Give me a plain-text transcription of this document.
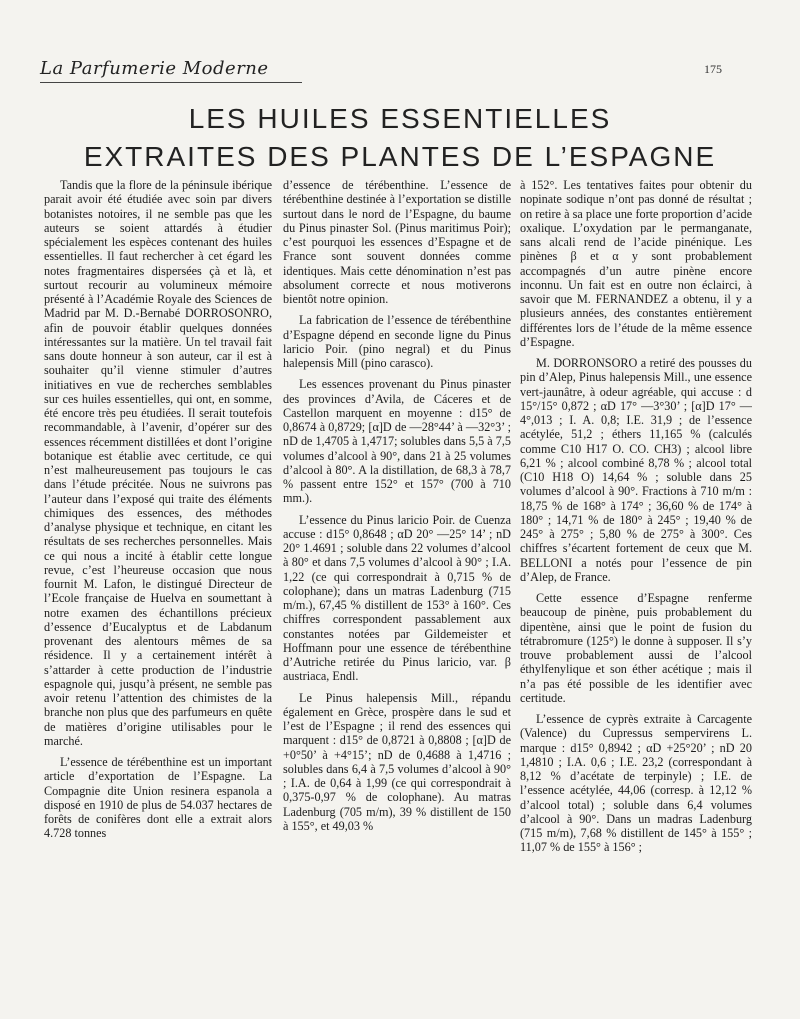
La Parfumerie Moderne	175
LES HUILES ESSENTIELLES
EXTRAITES DES PLANTES DE L’ESPAGNE

Tandis que la flore de la péninsule ibérique parait avoir été étudiée avec soin par divers botanistes notoires, il ne semble pas que les auteurs se soient attardés à étudier spécialement les espèces contenant des huiles essentielles. Il faut rechercher à cet égard les notes fragmentaires dispersées çà et là, et surtout recourir au volumineux mémoire présenté à l’Académie Royale des Sciences de Madrid par M. D.-Bernabé DORROSONRO, afin de pouvoir établir quelques données intéressantes sur la matière. Un tel travail fait sans doute honneur à son auteur, car il est à souhaiter qu’il vienne stimuler d’autres initiatives en vue de recherches semblables sur ces huiles essentielles, qui ont, en somme, été encore très peu étudiées. Il serait toutefois recommandable, à l’avenir, d’opérer sur des essences récemment distillées et dont l’origine botanique est établie avec certitude, ce qui n’est malheureusement pas toujours le cas dans l’étude précitée. Nous ne suivrons pas l’auteur dans l’exposé qui traite des éléments chimiques des essences, des méthodes d’analyse physique et technique, en citant les résultats de ses recherches personnelles. Mais ce qui nous a incité à établir cette longue revue, c’est l’heureuse occasion que nous fournit M. Lafon, le distingué Directeur de l’Ecole française de Huelva en soumettant à notre examen des échantillons précieux d’essence d’Eucalyptus et de Labdanum provenant des alentours mêmes de sa résidence. Il y a certainement intérêt à s’attarder à cette production de l’industrie espagnole qui, jusqu’à présent, ne semble pas avoir retenu l’attention des chimistes de la branche non plus que des parfumeurs en quête de matières d’origine utilisables pour le marché.

L’essence de térébenthine est un important article d’exportation de l’Espagne. La Compagnie dite Union resinera espanola a disposé en 1910 de plus de 54.037 hectares de forêts de conifères dont elle a extrait alors 4.728 tonnes

d’essence de térébenthine. L’essence de térébenthine destinée à l’exportation se distille surtout dans le nord de l’Espagne, du baume du Pinus pinaster Sol. (Pinus maritimus Poir); c’est pourquoi les essences d’Espagne et de France sont souvent données comme identiques. Mais cette dénomination n’est pas absolument correcte et nous motiverons bientôt notre opinion.

La fabrication de l’essence de térébenthine d’Espagne dépend en seconde ligne du Pinus laricio Poir. (pino negral) et du Pinus halepensis Mill (pino carasco).

Les essences provenant du Pinus pinaster des provinces d’Avila, de Cáceres et de Castellon marquent en moyenne : d15° de 0,8674 à 0,8729; [α]D de —28°44’ à —32°3’ ; nD de 1,4705 à 1,4717; solubles dans 5,5 à 7,5 volumes d’alcool à 90°, dans 21 à 25 volumes d’alcool à 80°. A la distillation, de 68,3 à 78,7 % passent entre 152° et 157° (700 à 710 mm.).

L’essence du Pinus laricio Poir. de Cuenza accuse : d15° 0,8648 ; αD 20° —25° 14’ ; nD 20° 1.4691 ; soluble dans 22 volumes d’alcool à 80° et dans 7,5 volumes d’alcool à 90° ; I.A. 1,22 (ce qui correspondrait à 0,715 % de colophane); dans un matras Ladenburg (715 m/m.), 67,45 % distillent de 153° à 160°. Ces chiffres correspondent passablement aux constantes notées par Gildemeister et Hoffmann pour une essence de térébenthine d’Autriche retirée du Pinus laricio, var. β austriaca, Endl.

Le Pinus halepensis Mill., répandu également en Grèce, prospère dans le sud et l’est de l’Espagne ; il rend des essences qui marquent : d15° de 0,8721 à 0,8808 ; [α]D de +0°50’ à +4°15’; nD de 0,4688 à 1,4716 ; solubles dans 6,4 à 7,5 volumes d’alcool à 90° ; I.A. de 0,64 à 1,99 (ce qui correspondrait à 0,375-0,97 % de colophane). Au matras Ladenburg (705 m/m), 39 % distillent de 150 à 155°, et 49,03 %

à 152°. Les tentatives faites pour obtenir du nopinate sodique n’ont pas donné de résultat ; on retire à sa place une forte proportion d’acide oxalique. L’oxydation par le permanganate, sans alcali rend de l’acide pinénique. Les pinènes β et α y sont probablement accompagnés d’un autre pinène encore inconnu. Un fait est en outre non éclairci, à savoir que M. FERNANDEZ a obtenu, il y a plusieurs années, des constantes entièrement différentes lors de l’étude de la même essence d’Espagne.

M. DORRONSORO a retiré des pousses du pin d’Alep, Pinus halepensis Mill., une essence vert-jaunâtre, à odeur agréable, qui accuse : d 15°/15° 0,872 ; αD 17° —3°30’ ; [α]D 17° —4°,013 ; I. A. 0,8; I.E. 31,9 ; de l’essence acétylée, 51,2 ; éthers 11,165 % (calculés comme C10 H17 O. CO. CH3) ; alcool libre 6,21 % ; alcool combiné 8,78 % ; alcool total (C10 H18 O) 14,64 % ; soluble dans 25 volumes d’alcool à 90°. Fractions à 710 m/m : 18,75 % de 168° à 174° ; 36,60 % de 174° à 180° ; 14,71 % de 180° à 245° ; 19,40 % de 245° à 275° ; 5,80 % de 275° à 300°. Ces chiffres s’écartent fortement de ceux que M. BELLONI a notés pour l’essence de pin d’Alep, de France.

Cette essence d’Espagne renferme beaucoup de pinène, puis probablement du dipentène, ainsi que le point de fusion du tétrabromure (125°) le donne à supposer. Il s’y trouve probablement aussi de l’alcool éthylfenylique et son éther acétique ; mais il n’a pas été possible de les identifier avec certitude.

L’essence de cyprès extraite à Carcagente (Valence) du Cupressus sempervirens L. marque : d15° 0,8942 ; αD +25°20’ ; nD 20 1,4810 ; I.A. 0,6 ; I.E. 23,2 (correspondant à 8,12 % d’acétate de terpinyle) ; I.E. de l’essence acétylée, 44,06 (corresp. à 12,12 % d’alcool total) ; soluble dans 6,4 volumes d’alcool à 90°. Dans un madras Ladenburg (715 m/m), 7,68 % distillent de 145° à 155° ; 11,07 % de 155° à 156° ;
